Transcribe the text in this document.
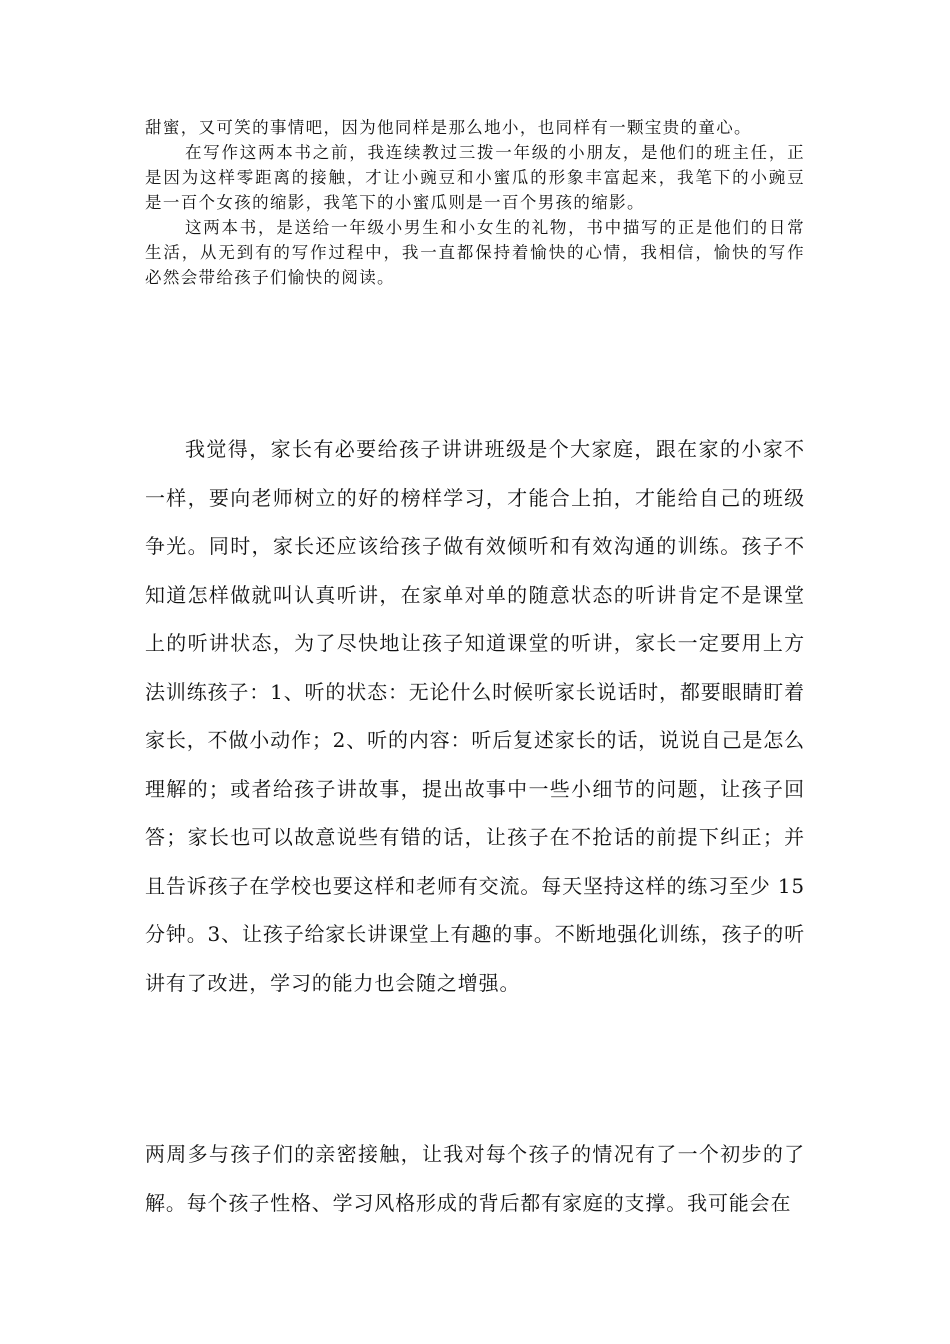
甜蜜，又可笑的事情吧，因为他同样是那么地小，也同样有一颗宝贵的童心。

在写作这两本书之前，我连续教过三拨一年级的小朋友，是他们的班主任，正是因为这样零距离的接触，才让小豌豆和小蜜瓜的形象丰富起来，我笔下的小豌豆是一百个女孩的缩影，我笔下的小蜜瓜则是一百个男孩的缩影。

这两本书，是送给一年级小男生和小女生的礼物，书中描写的正是他们的日常生活，从无到有的写作过程中，我一直都保持着愉快的心情，我相信，愉快的写作必然会带给孩子们愉快的阅读。

我觉得，家长有必要给孩子讲讲班级是个大家庭，跟在家的小家不一样，要向老师树立的好的榜样学习，才能合上拍，才能给自己的班级争光。同时，家长还应该给孩子做有效倾听和有效沟通的训练。孩子不知道怎样做就叫认真听讲，在家单对单的随意状态的听讲肯定不是课堂上的听讲状态，为了尽快地让孩子知道课堂的听讲，家长一定要用上方法训练孩子：1、听的状态：无论什么时候听家长说话时，都要眼睛盯着家长，不做小动作；2、听的内容：听后复述家长的话，说说自己是怎么理解的；或者给孩子讲故事，提出故事中一些小细节的问题，让孩子回答；家长也可以故意说些有错的话，让孩子在不抢话的前提下纠正；并且告诉孩子在学校也要这样和老师有交流。每天坚持这样的练习至少 15 分钟。3、让孩子给家长讲课堂上有趣的事。不断地强化训练，孩子的听讲有了改进，学习的能力也会随之增强。

两周多与孩子们的亲密接触，让我对每个孩子的情况有了一个初步的了解。每个孩子性格、学习风格形成的背后都有家庭的支撑。我可能会在
